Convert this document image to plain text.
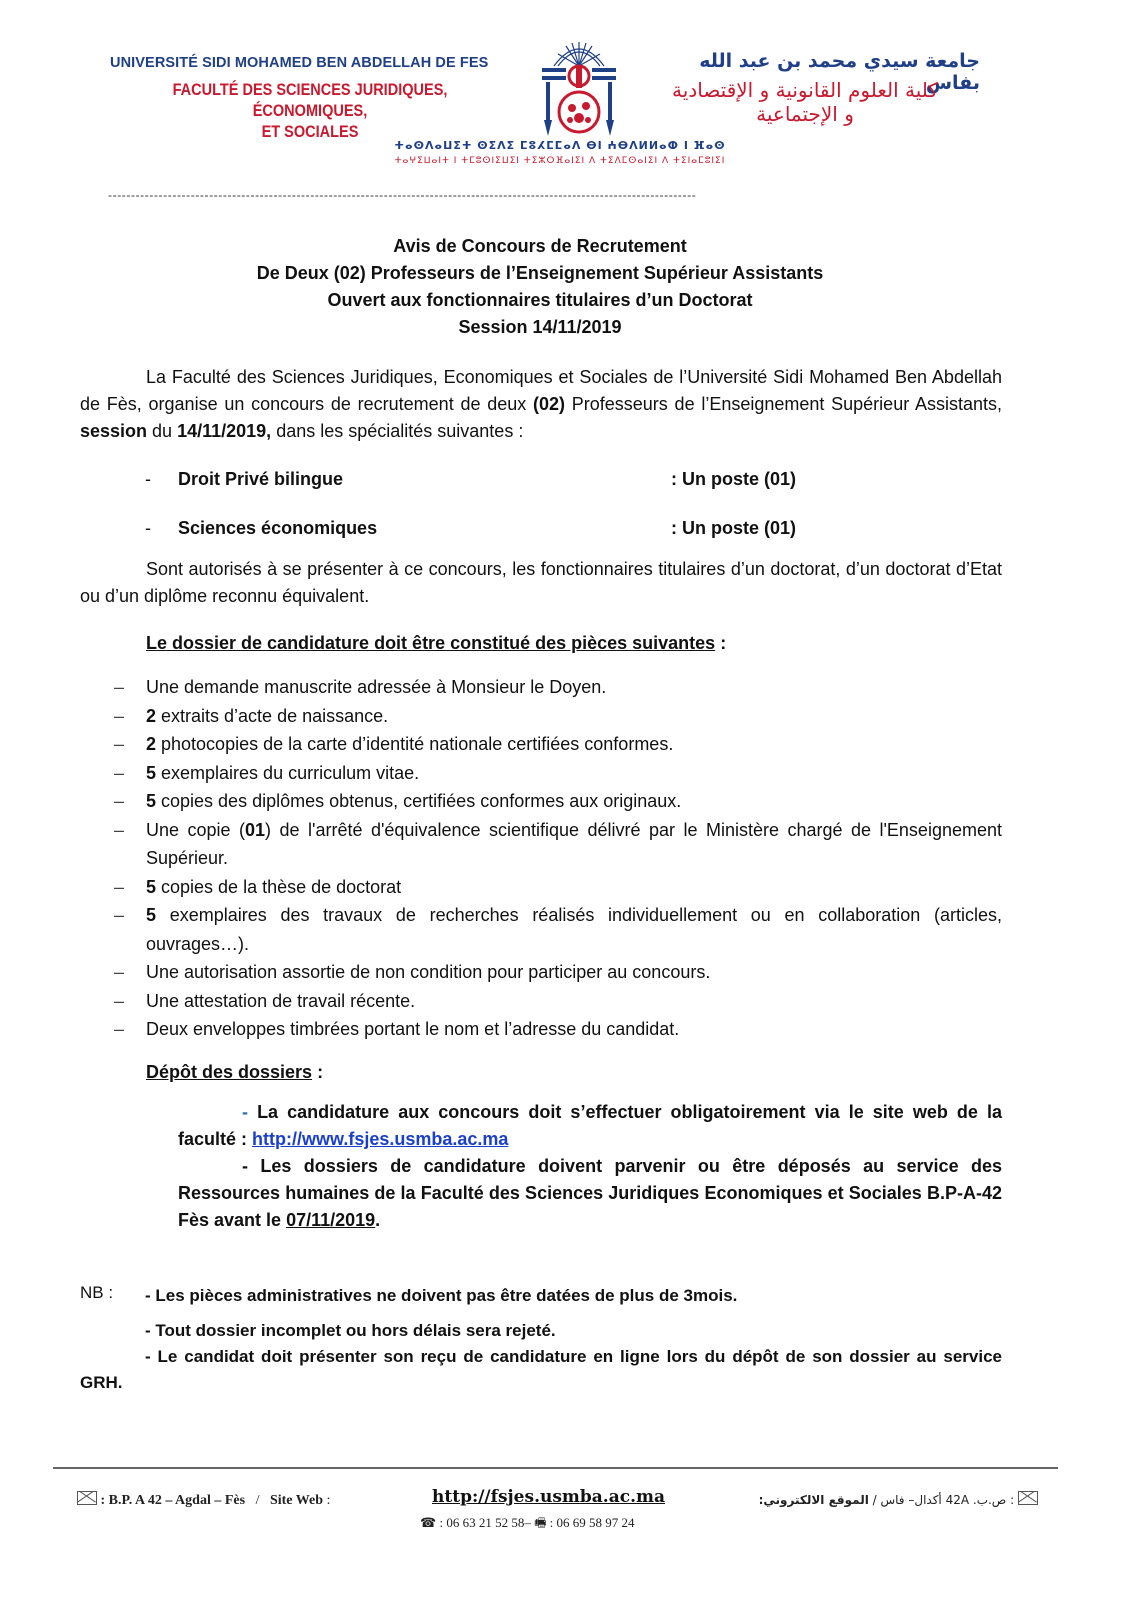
UNIVERSITÉ SIDI MOHAMED BEN ABDELLAH DE FES
FACULTÉ DES SCIENCES JURIDIQUES, ÉCONOMIQUES,
ET SOCIALES
جامعة سيدي محمد بن عبد الله بفاس
كلية العلوم القانونية و الإقتصادية
و الإجتماعية
ⵜⴰⵙⴷⴰⵡⵉⵜ ⵙⵉⴷⵉ ⵎⵓⵃⵎⵎⴰⴷ ⴱⵏ ⵄⴱⴷⵍⵍⴰⵀ ⵏ ⴼⴰⵙ
ⵜⴰⵖⵉⵡⴰⵏⵜ ⵏ ⵜⵎⵓⵙⵏⵉⵡⵉⵏ ⵜⵉⵣⵔⴼⴰⵏⵉⵏ ⴷ ⵜⵉⴷⵎⵙⴰⵏⵉⵏ ⴷ ⵜⵉⵏⴰⵎⵓⵏⵉⵏ
--------------------------------------------------------------------------------------------------------------------------------
Avis de Concours de Recrutement
De Deux (02) Professeurs de l’Enseignement Supérieur Assistants
Ouvert aux fonctionnaires titulaires d’un Doctorat
Session 14/11/2019
La Faculté des Sciences Juridiques, Economiques et Sociales de l’Université Sidi Mohamed Ben Abdellah de Fès, organise un concours de recrutement de deux (02) Professeurs de l’Enseignement Supérieur Assistants, session du 14/11/2019, dans les spécialités suivantes :
- Droit Privé bilingue	: Un poste (01)
- Sciences économiques	: Un poste (01)
Sont autorisés à se présenter à ce concours, les fonctionnaires titulaires d’un doctorat, d’un doctorat d’Etat ou d’un diplôme reconnu équivalent.
Le dossier de candidature doit être constitué des pièces suivantes :
– Une demande manuscrite adressée à Monsieur le Doyen.
– 2 extraits d’acte de naissance.
– 2 photocopies de la carte d’identité nationale certifiées conformes.
– 5 exemplaires du curriculum vitae.
– 5 copies des diplômes obtenus, certifiées conformes aux originaux.
– Une copie (01) de l'arrêté d'équivalence scientifique délivré par le Ministère chargé de l'Enseignement Supérieur.
– 5 copies de la thèse de doctorat
– 5 exemplaires des travaux de recherches réalisés individuellement ou en collaboration (articles, ouvrages…).
– Une autorisation assortie de non condition pour participer au concours.
– Une attestation de travail récente.
– Deux enveloppes timbrées portant le nom et l’adresse du candidat.
Dépôt des dossiers :
- La candidature aux concours doit s’effectuer obligatoirement via le site web de la faculté : http://www.fsjes.usmba.ac.ma
- Les dossiers de candidature doivent parvenir ou être déposés au service des Ressources humaines de la Faculté des Sciences Juridiques Economiques et Sociales B.P-A-42 Fès avant le 07/11/2019.
NB : - Les pièces administratives ne doivent pas être datées de plus de 3mois.
- Tout dossier incomplet ou hors délais sera rejeté.
- Le candidat doit présenter son reçu de candidature en ligne lors du dépôt de son dossier au service GRH.
: B.P. A 42 – Agdal – Fès   /   Site Web :	http://fsjes.usmba.ac.ma	: ص.ب. 42A أكدال– فاس / الموقع الالكتروني:
☎ : 06 63 21 52 58– 🖷 : 06 69 58 97 24
